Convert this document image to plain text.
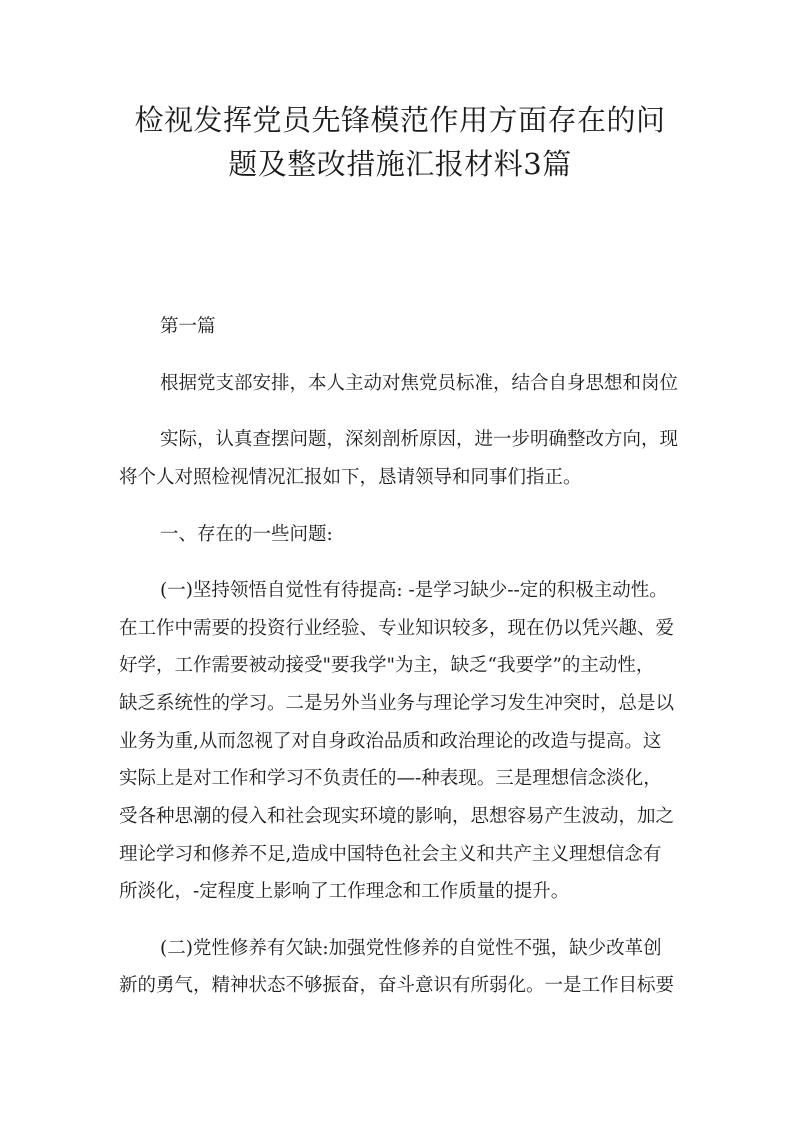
检视发挥党员先锋模范作用方面存在的问
题及整改措施汇报材料3篇
第一篇
根据党支部安排，本人主动对焦党员标准，结合自身思想和岗位
实际，认真查摆问题，深刻剖析原因，进一步明确整改方向，现
将个人对照检视情况汇报如下，恳请领导和同事们指正。
一、存在的一些问题:
(一)坚持领悟自觉性有待提高: -是学习缺少--定的积极主动性。
在工作中需要的投资行业经验、专业知识较多，现在仍以凭兴趣、爱
好学，工作需要被动接受"要我学"为主，缺乏“我要学”的主动性，
缺乏系统性的学习。二是另外当业务与理论学习发生冲突时，总是以
业务为重,从而忽视了对自身政治品质和政治理论的改造与提高。这
实际上是对工作和学习不负责任的—-种表现。三是理想信念淡化，
受各种思潮的侵入和社会现实环境的影响，思想容易产生波动，加之
理论学习和修养不足,造成中国特色社会主义和共产主义理想信念有
所淡化，-定程度上影响了工作理念和工作质量的提升。
(二)党性修养有欠缺:加强党性修养的自觉性不强，缺少改革创
新的勇气，精神状态不够振奋，奋斗意识有所弱化。一是工作目标要
